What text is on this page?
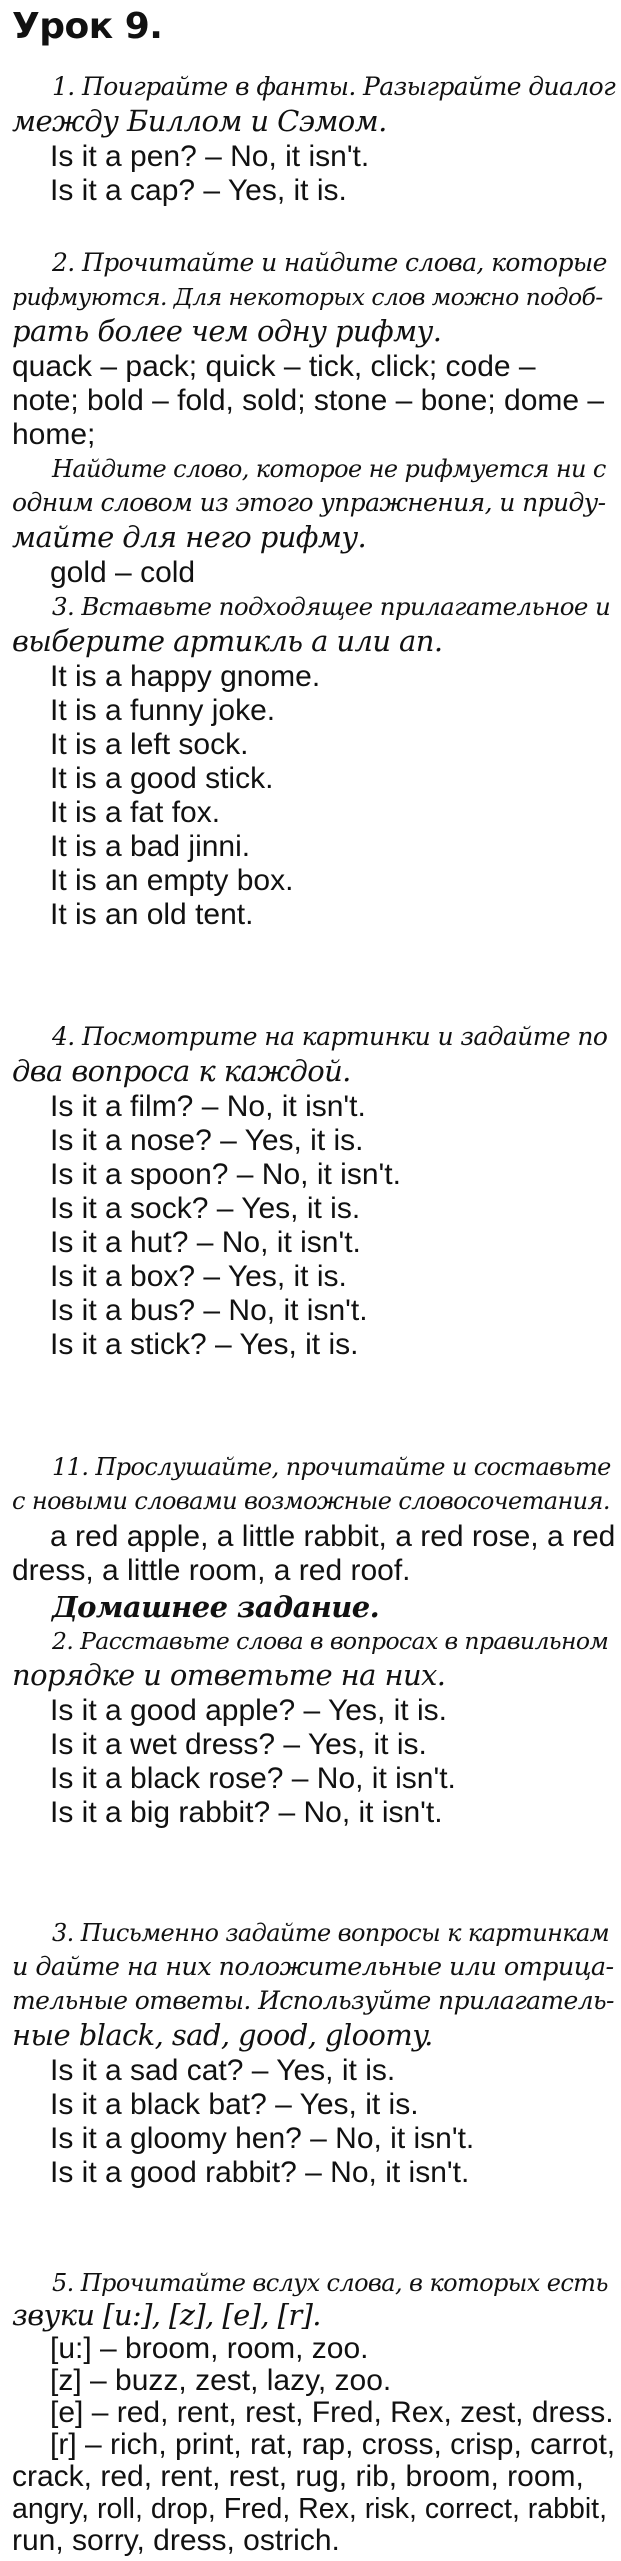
Урок 9.
1. Поиграйте в фанты. Разыграйте диалог
между Биллом и Сэмом.
Is it a pen? – No, it isn't.
Is it a cap? – Yes, it is.
2. Прочитайте и найдите слова, которые
рифмуются. Для некоторых слов можно подоб-
рать более чем одну рифму.
quack – pack; quick – tick, click; code –
note; bold – fold, sold; stone – bone; dome –
home;
Найдите слово, которое не рифмуется ни с
одним словом из этого упражнения, и приду-
майте для него рифму.
gold – cold
3. Вставьте подходящее прилагательное и
выберите артикль a или an.
It is a happy gnome.
It is a funny joke.
It is a left sock.
It is a good stick.
It is a fat fox.
It is a bad jinni.
It is an empty box.
It is an old tent.
4. Посмотрите на картинки и задайте по
два вопроса к каждой.
Is it a film? – No, it isn't.
Is it a nose? – Yes, it is.
Is it a spoon? – No, it isn't.
Is it a sock? – Yes, it is.
Is it a hut? – No, it isn't.
Is it a box? – Yes, it is.
Is it a bus? – No, it isn't.
Is it a stick? – Yes, it is.
11. Прослушайте, прочитайте и составьте
с новыми словами возможные словосочетания.
a red apple, a little rabbit, a red rose, a red
dress, a little room, a red roof.
Домашнее задание.
2. Расставьте слова в вопросах в правильном
порядке и ответьте на них.
Is it a good apple? – Yes, it is.
Is it a wet dress? – Yes, it is.
Is it a black rose? – No, it isn't.
Is it a big rabbit? – No, it isn't.
3. Письменно задайте вопросы к картинкам
и дайте на них положительные или отрица-
тельные ответы. Используйте прилагатель-
ные black, sad, good, gloomy.
Is it a sad cat? – Yes, it is.
Is it a black bat? – Yes, it is.
Is it a gloomy hen? – No, it isn't.
Is it a good rabbit? – No, it isn't.
5. Прочитайте вслух слова, в которых есть
звуки [u:], [z], [e], [r].
[u:] – broom, room, zoo.
[z] – buzz, zest, lazy, zoo.
[e] – red, rent, rest, Fred, Rex, zest, dress.
[r] – rich, print, rat, rap, cross, crisp, carrot,
crack, red, rent, rest, rug, rib, broom, room,
angry, roll, drop, Fred, Rex, risk, correct, rabbit,
run, sorry, dress, ostrich.
